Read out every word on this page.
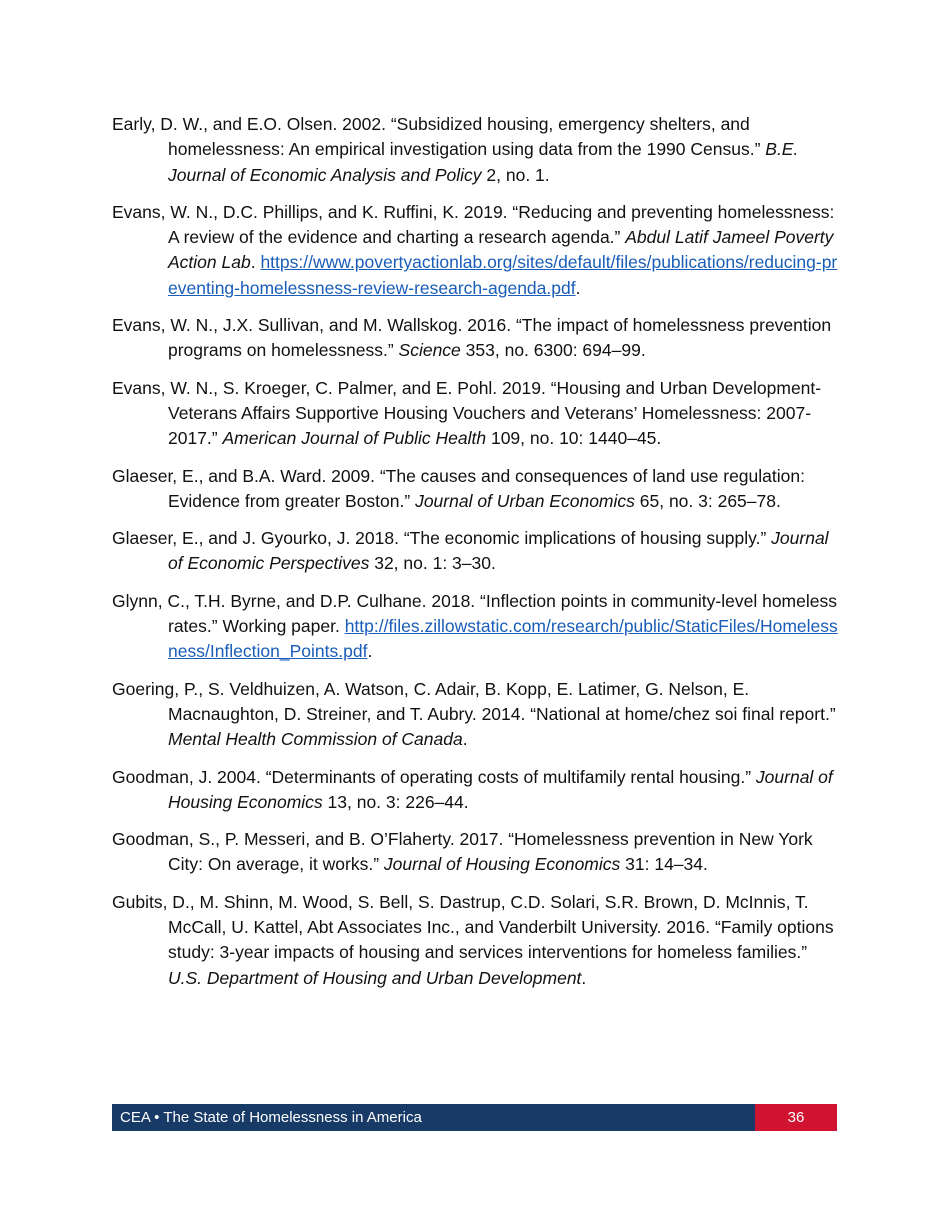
Early, D. W., and E.O. Olsen. 2002. “Subsidized housing, emergency shelters, and homelessness: An empirical investigation using data from the 1990 Census.” B.E. Journal of Economic Analysis and Policy 2, no. 1.

Evans, W. N., D.C. Phillips, and K. Ruffini, K. 2019. “Reducing and preventing homelessness: A review of the evidence and charting a research agenda.” Abdul Latif Jameel Poverty Action Lab. https://www.povertyactionlab.org/sites/default/files/publications/reducing-preventing-homelessness-review-research-agenda.pdf.

Evans, W. N., J.X. Sullivan, and M. Wallskog. 2016. “The impact of homelessness prevention programs on homelessness.” Science 353, no. 6300: 694–99.

Evans, W. N., S. Kroeger, C. Palmer, and E. Pohl. 2019. “Housing and Urban Development-Veterans Affairs Supportive Housing Vouchers and Veterans’ Homelessness: 2007-2017.” American Journal of Public Health 109, no. 10: 1440–45.

Glaeser, E., and B.A. Ward. 2009. “The causes and consequences of land use regulation: Evidence from greater Boston.” Journal of Urban Economics 65, no. 3: 265–78.

Glaeser, E., and J. Gyourko, J. 2018. “The economic implications of housing supply.” Journal of Economic Perspectives 32, no. 1: 3–30.

Glynn, C., T.H. Byrne, and D.P. Culhane. 2018. “Inflection points in community-level homeless rates.” Working paper. http://files.zillowstatic.com/research/public/StaticFiles/Homelessness/Inflection_Points.pdf.

Goering, P., S. Veldhuizen, A. Watson, C. Adair, B. Kopp, E. Latimer, G. Nelson, E. Macnaughton, D. Streiner, and T. Aubry. 2014. “National at home/chez soi final report.” Mental Health Commission of Canada.

Goodman, J. 2004. “Determinants of operating costs of multifamily rental housing.” Journal of Housing Economics 13, no. 3: 226–44.

Goodman, S., P. Messeri, and B. O’Flaherty. 2017. “Homelessness prevention in New York City: On average, it works.” Journal of Housing Economics 31: 14–34.

Gubits, D., M. Shinn, M. Wood, S. Bell, S. Dastrup, C.D. Solari, S.R. Brown, D. McInnis, T. McCall, U. Kattel, Abt Associates Inc., and Vanderbilt University. 2016. “Family options study: 3-year impacts of housing and services interventions for homeless families.” U.S. Department of Housing and Urban Development.

CEA • The State of Homelessness in America	36
